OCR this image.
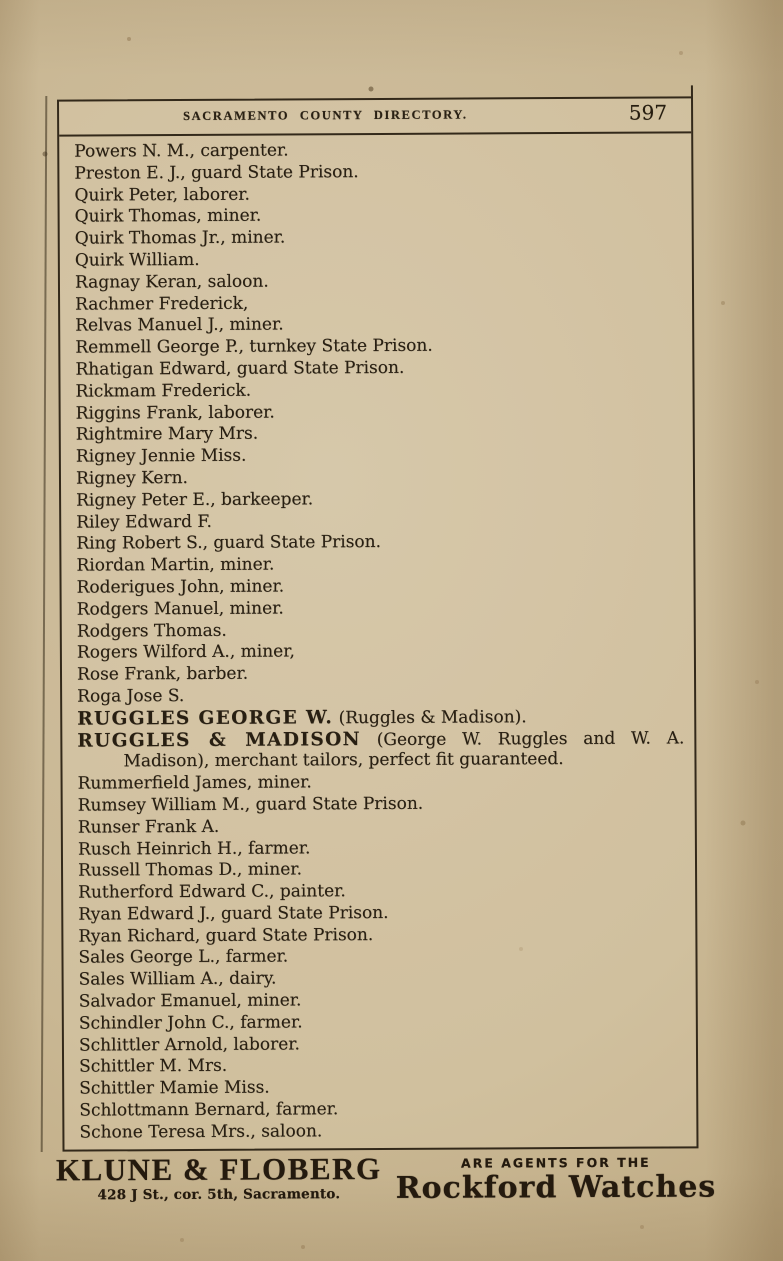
SACRAMENTO COUNTY DIRECTORY.	597
Powers N. M., carpenter.
Preston E. J., guard State Prison.
Quirk Peter, laborer.
Quirk Thomas, miner.
Quirk Thomas Jr., miner.
Quirk William.
Ragnay Keran, saloon.
Rachmer Frederick,
Relvas Manuel J., miner.
Remmell George P., turnkey State Prison.
Rhatigan Edward, guard State Prison.
Rickmam Frederick.
Riggins Frank, laborer.
Rightmire Mary Mrs.
Rigney Jennie Miss.
Rigney Kern.
Rigney Peter E., barkeeper.
Riley Edward F.
Ring Robert S., guard State Prison.
Riordan Martin, miner.
Roderigues John, miner.
Rodgers Manuel, miner.
Rodgers Thomas.
Rogers Wilford A., miner,
Rose Frank, barber.
Roga Jose S.
RUGGLES GEORGE W. (Ruggles & Madison).
RUGGLES & MADISON (George W. Ruggles and W. A.
Madison), merchant tailors, perfect fit guaranteed.
Rummerfield James, miner.
Rumsey William M., guard State Prison.
Runser Frank A.
Rusch Heinrich H., farmer.
Russell Thomas D., miner.
Rutherford Edward C., painter.
Ryan Edward J., guard State Prison.
Ryan Richard, guard State Prison.
Sales George L., farmer.
Sales William A., dairy.
Salvador Emanuel, miner.
Schindler John C., farmer.
Schlittler Arnold, laborer.
Schittler M. Mrs.
Schittler Mamie Miss.
Schlottmann Bernard, farmer.
Schone Teresa Mrs., saloon.
KLUNE & FLOBERG
428 J St., cor. 5th, Sacramento.
ARE AGENTS FOR THE
Rockford Watches
